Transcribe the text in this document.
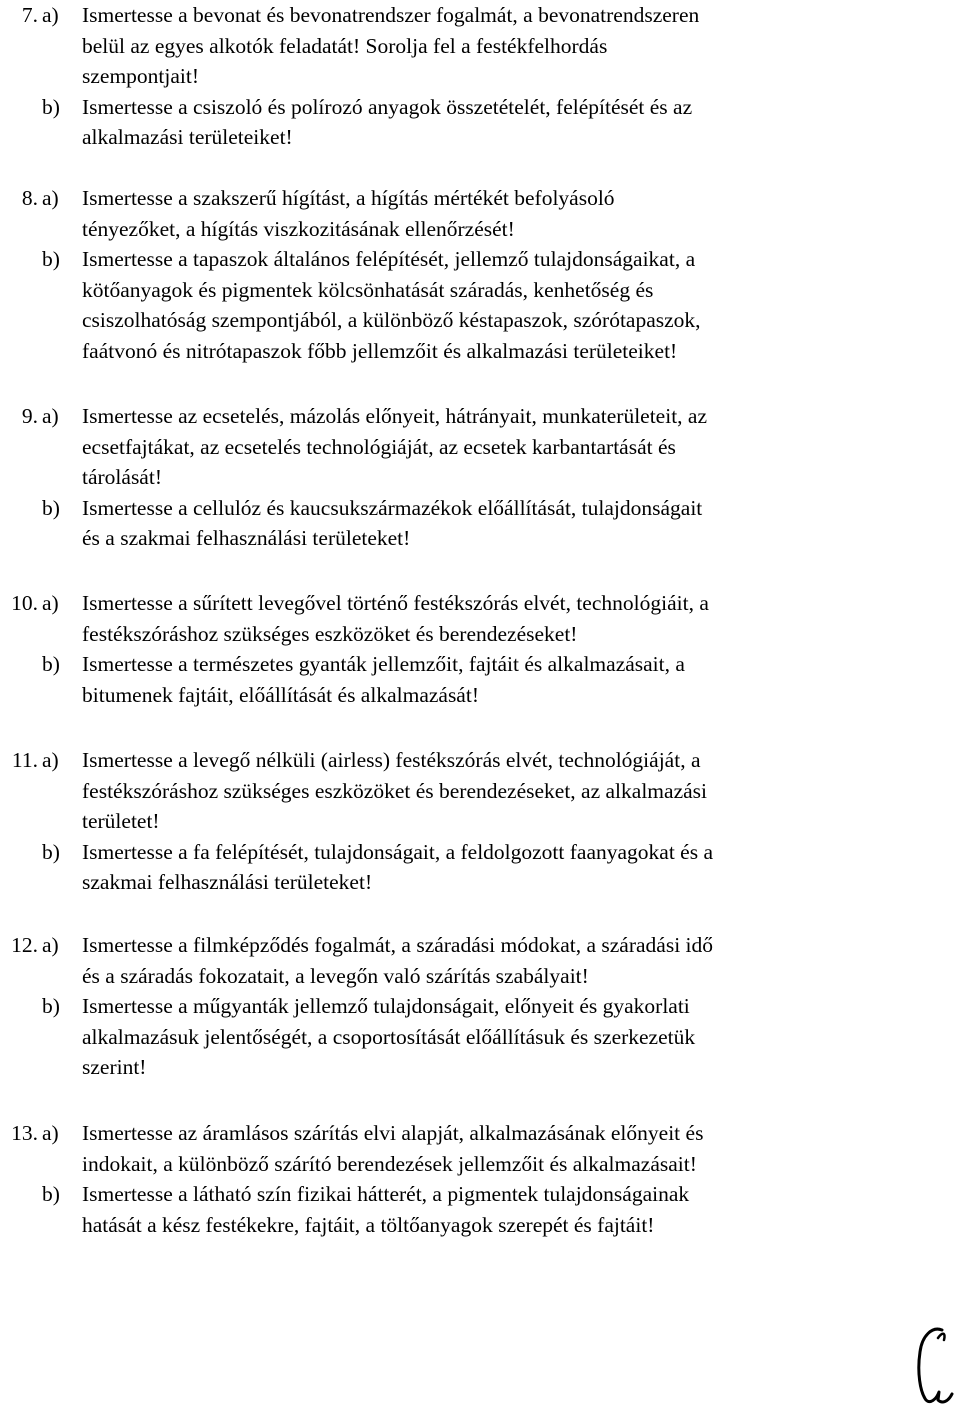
7. a)	Ismertesse a bevonat és bevonatrendszer fogalmát, a bevonatrendszeren
belül az egyes alkotók feladatát! Sorolja fel a festékfelhordás
szempontjait!
b)	Ismertesse a csiszoló és polírozó anyagok összetételét, felépítését és az
alkalmazási területeiket!
8. a)	Ismertesse a szakszerű hígítást, a hígítás mértékét befolyásoló
tényezőket, a hígítás viszkozitásának ellenőrzését!
b)	Ismertesse a tapaszok általános felépítését, jellemző tulajdonságaikat, a
kötőanyagok és pigmentek kölcsönhatását száradás, kenhetőség és
csiszolhatóság szempontjából, a különböző késtapaszok, szórótapaszok,
faátvonó és nitrótapaszok főbb jellemzőit és alkalmazási területeiket!
9. a)	Ismertesse az ecsetelés, mázolás előnyeit, hátrányait, munkaterületeit, az
ecsetfajtákat, az ecsetelés technológiáját, az ecsetek karbantartását és
tárolását!
b)	Ismertesse a cellulóz és kaucsukszármazékok előállítását, tulajdonságait
és a szakmai felhasználási területeket!
10. a)	Ismertesse a sűrített levegővel történő festékszórás elvét, technológiáit, a
festékszóráshoz szükséges eszközöket és berendezéseket!
b)	Ismertesse a természetes gyanták jellemzőit, fajtáit és alkalmazásait, a
bitumenek fajtáit, előállítását és alkalmazását!
11. a)	Ismertesse a levegő nélküli (airless) festékszórás elvét, technológiáját, a
festékszóráshoz szükséges eszközöket és berendezéseket, az alkalmazási
területet!
b)	Ismertesse a fa felépítését, tulajdonságait, a feldolgozott faanyagokat és a
szakmai felhasználási területeket!
12. a)	Ismertesse a filmképződés fogalmát, a száradási módokat, a száradási idő
és a száradás fokozatait, a levegőn való szárítás szabályait!
b)	Ismertesse a műgyanták jellemző tulajdonságait, előnyeit és gyakorlati
alkalmazásuk jelentőségét, a csoportosítását előállításuk és szerkezetük
szerint!
13. a)	Ismertesse az áramlásos szárítás elvi alapját, alkalmazásának előnyeit és
indokait, a különböző szárító berendezések jellemzőit és alkalmazásait!
b)	Ismertesse a látható szín fizikai hátterét, a pigmentek tulajdonságainak
hatását a kész festékekre, fajtáit, a töltőanyagok szerepét és fajtáit!
